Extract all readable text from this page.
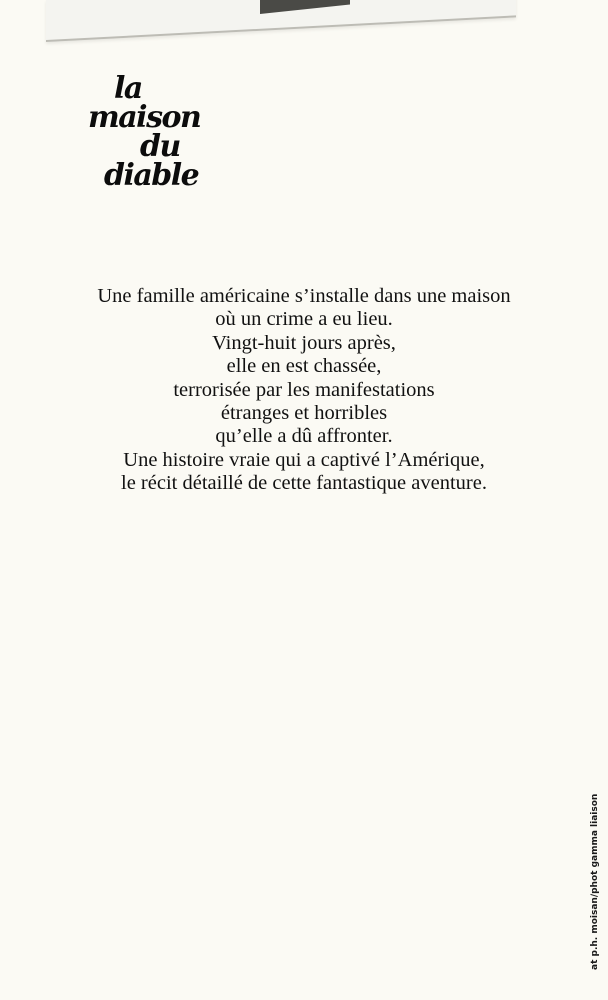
la
maison
du
diable
Une famille américaine s’installe dans une maison
où un crime a eu lieu.
Vingt-huit jours après,
elle en est chassée,
terrorisée par les manifestations
étranges et horribles
qu’elle a dû affronter.
Une histoire vraie qui a captivé l’Amérique,
le récit détaillé de cette fantastique aventure.
at p.h. moisan/phot gamma liaison
